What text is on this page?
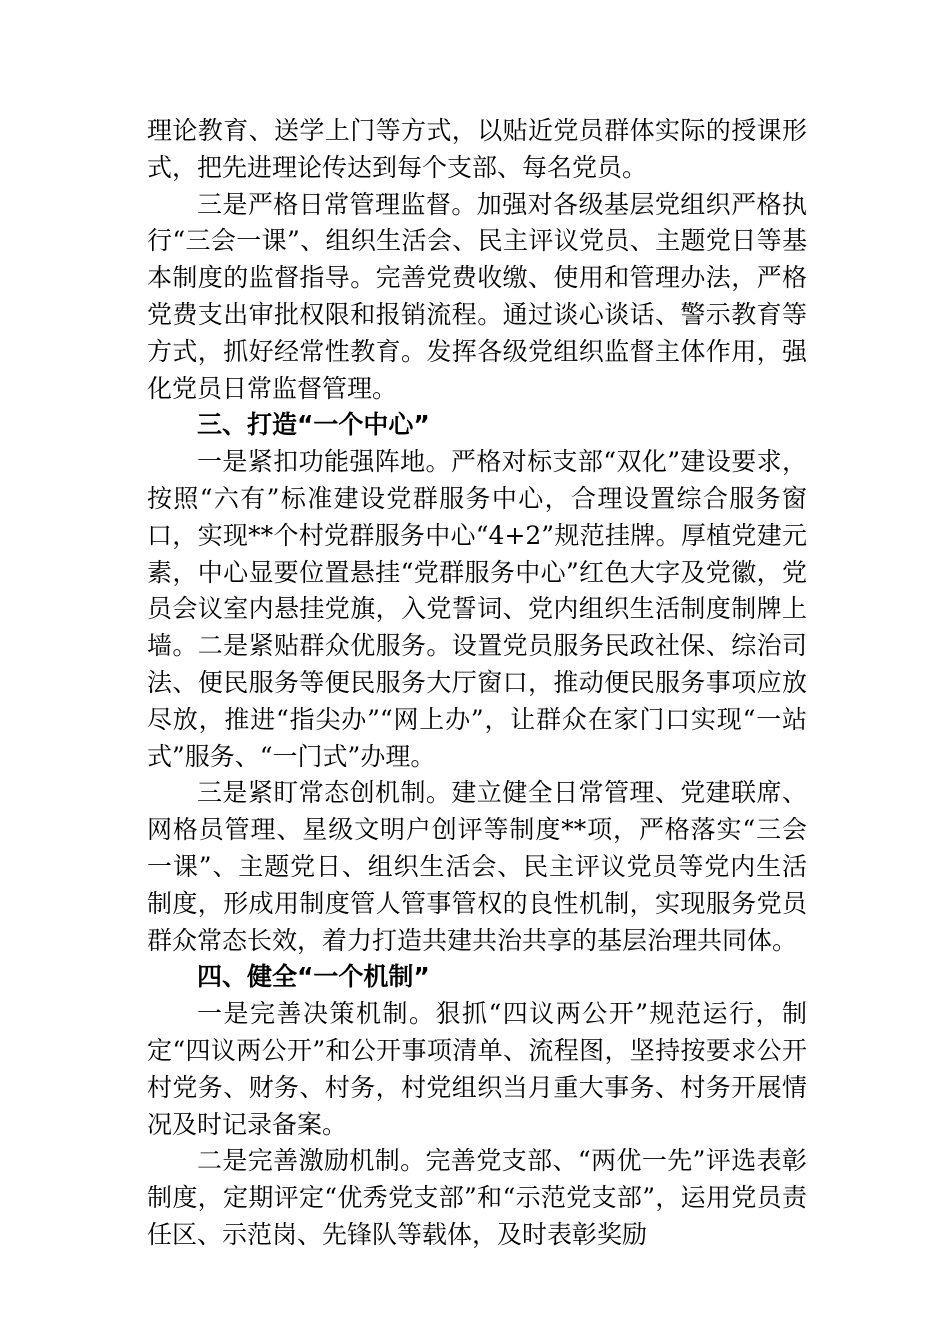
理论教育、送学上门等方式，以贴近党员群体实际的授课形式，把先进理论传达到每个支部、每名党员。

三是严格日常管理监督。加强对各级基层党组织严格执行“三会一课”、组织生活会、民主评议党员、主题党日等基本制度的监督指导。完善党费收缴、使用和管理办法，严格党费支出审批权限和报销流程。通过谈心谈话、警示教育等方式，抓好经常性教育。发挥各级党组织监督主体作用，强化党员日常监督管理。

三、打造“一个中心”

一是紧扣功能强阵地。严格对标支部“双化”建设要求，按照“六有”标准建设党群服务中心，合理设置综合服务窗口，实现**个村党群服务中心“4+2”规范挂牌。厚植党建元素，中心显要位置悬挂“党群服务中心”红色大字及党徽，党员会议室内悬挂党旗，入党誓词、党内组织生活制度制牌上墙。二是紧贴群众优服务。设置党员服务民政社保、综治司法、便民服务等便民服务大厅窗口，推动便民服务事项应放尽放，推进“指尖办”“网上办”，让群众在家门口实现“一站式”服务、“一门式”办理。

三是紧盯常态创机制。建立健全日常管理、党建联席、网格员管理、星级文明户创评等制度**项，严格落实“三会一课”、主题党日、组织生活会、民主评议党员等党内生活制度，形成用制度管人管事管权的良性机制，实现服务党员群众常态长效，着力打造共建共治共享的基层治理共同体。

四、健全“一个机制”

一是完善决策机制。狠抓“四议两公开”规范运行，制定“四议两公开”和公开事项清单、流程图，坚持按要求公开村党务、财务、村务，村党组织当月重大事务、村务开展情况及时记录备案。

二是完善激励机制。完善党支部、“两优一先”评选表彰制度，定期评定“优秀党支部”和“示范党支部”，运用党员责任区、示范岗、先锋队等载体，及时表彰奖励
